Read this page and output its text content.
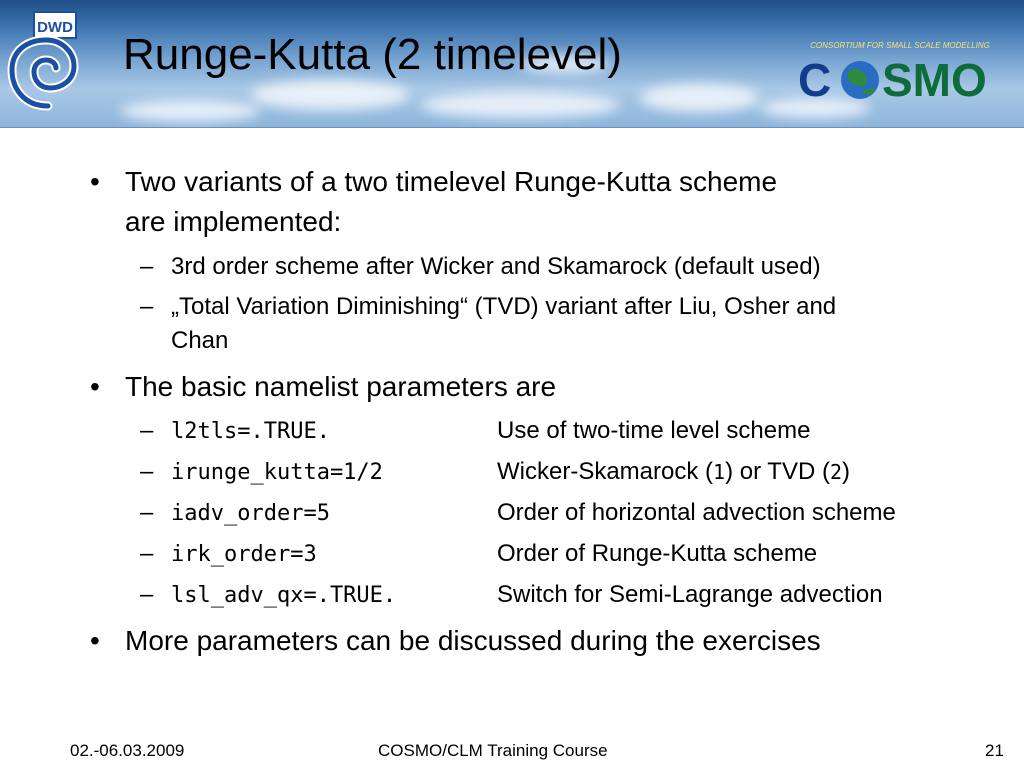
DWD
Runge-Kutta (2 timelevel)	CONSORTIUM FOR SMALL SCALE MODELLING
C SMO
• Two variants of a two timelevel Runge-Kutta scheme
are implemented:
– 3rd order scheme after Wicker and Skamarock (default used)
– „Total Variation Diminishing“ (TVD) variant after Liu, Osher and
Chan
• The basic namelist parameters are
– l2tls=.TRUE.	Use of two-time level scheme
– irunge_kutta=1/2	Wicker-Skamarock (1) or TVD (2)
– iadv_order=5	Order of horizontal advection scheme
– irk_order=3	Order of Runge-Kutta scheme
– lsl_adv_qx=.TRUE.	Switch for Semi-Lagrange advection
• More parameters can be discussed during the exercises
02.-06.03.2009	COSMO/CLM Training Course	21
